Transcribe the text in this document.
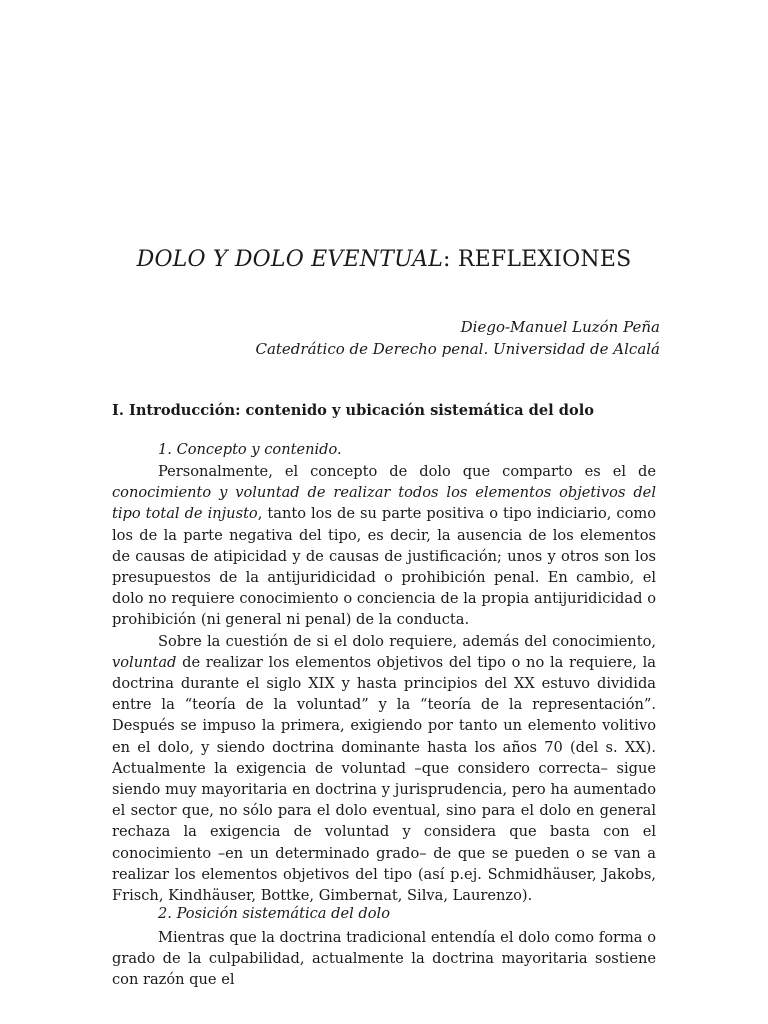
DOLO Y DOLO EVENTUAL: REFLEXIONES
Diego-Manuel Luzón Peña
Catedrático de Derecho penal. Universidad de Alcalá
I. Introducción: contenido y ubicación sistemática del dolo
1. Concepto y contenido.

Personalmente, el concepto de dolo que comparto es el de conocimiento y voluntad de realizar todos los elementos objetivos del tipo total de injusto, tanto los de su parte positiva o tipo indiciario, como los de la parte negativa del tipo, es decir, la ausencia de los elementos de causas de atipicidad y de causas de justificación; unos y otros son los presupuestos de la antijuridicidad o prohibición penal. En cambio, el dolo no requiere conocimiento o conciencia de la propia antijuridicidad o prohibición (ni general ni penal) de la conducta.

Sobre la cuestión de si el dolo requiere, además del conocimiento, voluntad de realizar los elementos objetivos del tipo o no la requiere, la doctrina durante el siglo XIX y hasta principios del XX estuvo dividida entre la “teoría de la voluntad” y la “teoría de la representación”. Después se impuso la primera, exigiendo por tanto un elemento volitivo en el dolo, y siendo doctrina dominante hasta los años 70 (del s. XX). Actualmente la exigencia de voluntad –que considero correcta– sigue siendo muy mayoritaria en doctrina y jurisprudencia, pero ha aumentado el sector que, no sólo para el dolo eventual, sino para el dolo en general rechaza la exigencia de voluntad y considera que basta con el conocimiento –en un determinado grado– de que se pueden o se van a realizar los elementos objetivos del tipo (así p.ej. Schmidhäuser, Jakobs, Frisch, Kindhäuser, Bottke, Gimbernat, Silva, Laurenzo).

2. Posición sistemática del dolo

Mientras que la doctrina tradicional entendía el dolo como forma o grado de la culpabilidad, actualmente la doctrina mayoritaria sostiene con razón que el
